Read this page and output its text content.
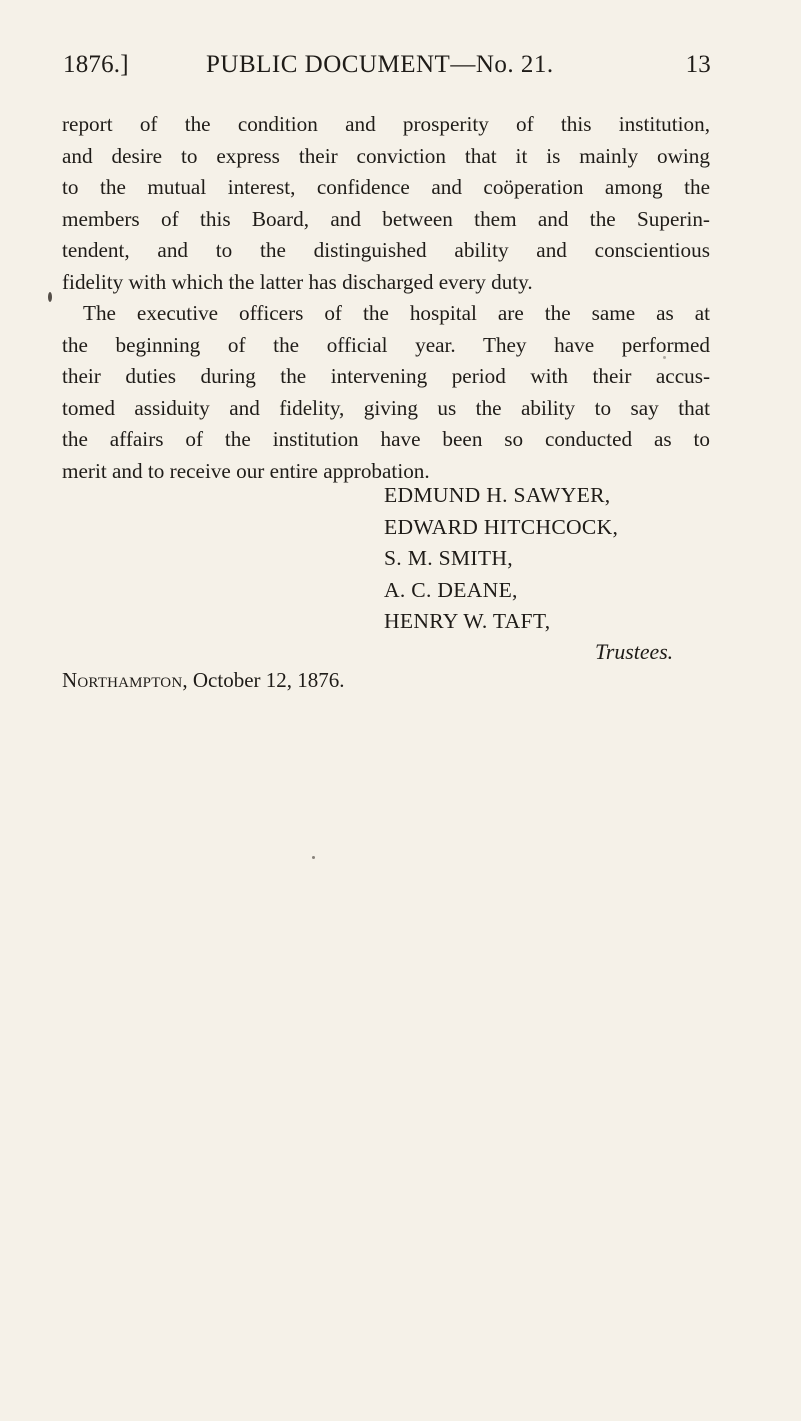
1876.]	PUBLIC DOCUMENT—No. 21.	13
report of the condition and prosperity of this institution,
and desire to express their conviction that it is mainly owing
to the mutual interest, confidence and coöperation among the
members of this Board, and between them and the Superin-
tendent, and to the distinguished ability and conscientious
fidelity with which the latter has discharged every duty.
The executive officers of the hospital are the same as at
the beginning of the official year. They have performed
their duties during the intervening period with their accus-
tomed assiduity and fidelity, giving us the ability to say that
the affairs of the institution have been so conducted as to
merit and to receive our entire approbation.
EDMUND H. SAWYER,
EDWARD HITCHCOCK,
S. M. SMITH,
A. C. DEANE,
HENRY W. TAFT,
Trustees.
Northampton, October 12, 1876.
